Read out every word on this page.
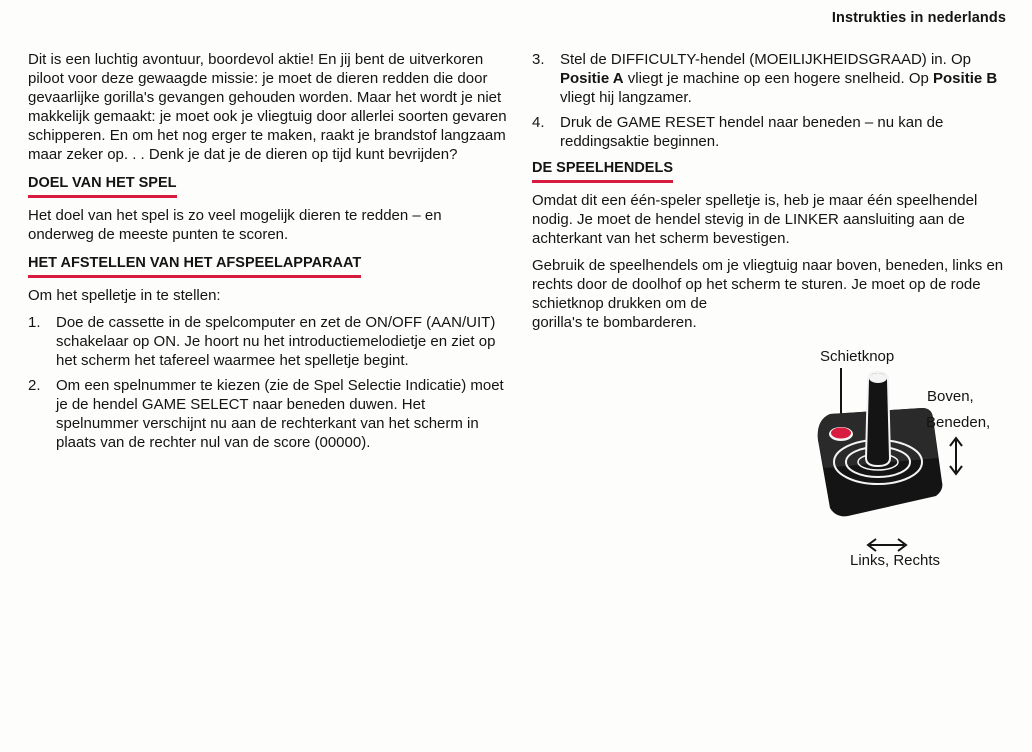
Instrukties in nederlands

Dit is een luchtig avontuur, boordevol aktie! En jij bent de uitverkoren piloot voor deze gewaagde missie: je moet de dieren redden die door gevaarlijke gorilla's gevangen gehouden worden. Maar het wordt je niet makkelijk gemaakt: je moet ook je vliegtuig door allerlei soorten gevaren schipperen. En om het nog erger te maken, raakt je brandstof langzaam maar zeker op. . . Denk je dat je de dieren op tijd kunt bevrijden?

DOEL VAN HET SPEL

Het doel van het spel is zo veel mogelijk dieren te redden – en onderweg de meeste punten te scoren.

HET AFSTELLEN VAN HET AFSPEELAPPARAAT

Om het spelletje in te stellen:

1.	Doe de cassette in de spelcomputer en zet de ON/OFF (AAN/UIT) schakelaar op ON. Je hoort nu het introductiemelodietje en ziet op het scherm het tafereel waarmee het spelletje begint.
2.	Om een spelnummer te kiezen (zie de Spel Selectie Indicatie) moet je de hendel GAME SELECT naar beneden duwen. Het spelnummer verschijnt nu aan de rechterkant van het scherm in plaats van de rechter nul van de score (00000).
3.	Stel de DIFFICULTY-hendel (MOEILIJKHEIDSGRAAD) in. Op Positie A vliegt je machine op een hogere snelheid. Op Positie B vliegt hij langzamer.
4.	Druk de GAME RESET hendel naar beneden – nu kan de reddingsaktie beginnen.
DE SPEELHENDELS

Omdat dit een één-speler spelletje is, heb je maar één speelhendel nodig. Je moet de hendel stevig in de LINKER aansluiting aan de achterkant van het scherm bevestigen.

Gebruik de speelhendels om je vliegtuig naar boven, beneden, links en rechts door de doolhof op het scherm te sturen. Je moet op de rode

schietknop drukken om de gorilla's te bombarderen.

Schietknop
Boven,
Beneden,
Links, Rechts
